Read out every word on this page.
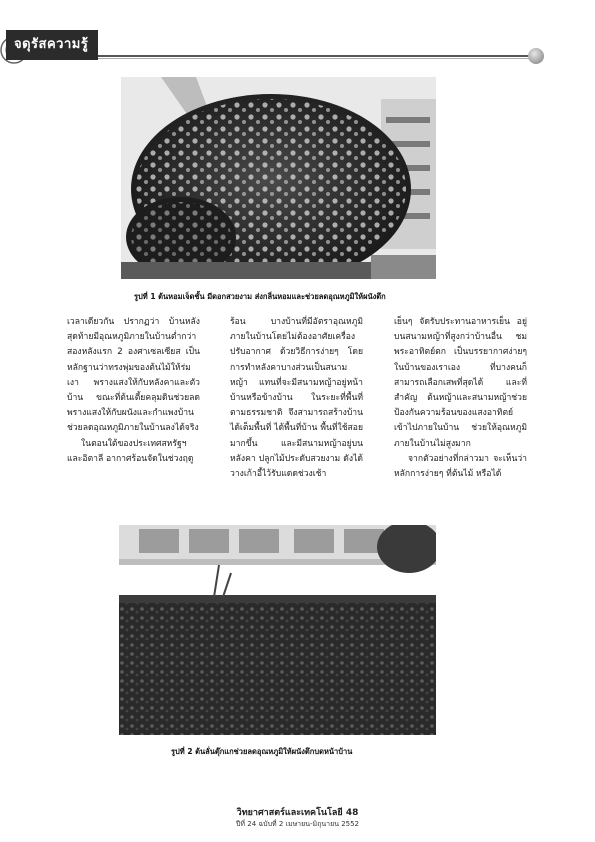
จดุรัสความรู้
รูปที่ 1 ต้นหอมเจ็ดชั้น มีดอกสวยงาม ส่งกลิ่นหอมและช่วยลดอุณหภูมิให้ผนังตึก

เวลาเดียวกัน ปรากฏว่า บ้านหลังสุดท้ายมีอุณหภูมิภายในบ้านต่ำกว่าสองหลังแรก 2 องศาเซลเซียส เป็นหลักฐานว่าทรงพุ่มของต้นไม้ให้ร่มเงา พรางแสงให้กับหลังคาและตัวบ้าน ขณะที่ต้นเตี้ยคลุมดินช่วยลดพรางแสงให้กับผนังและกำแพงบ้าน ช่วยลดอุณหภูมิภายในบ้านลงได้จริง

ในตอนใต้ของประเทศสหรัฐฯ และอิตาลี อากาศร้อนจัดในช่วงฤดู

ร้อน บางบ้านที่มีอัตราอุณหภูมิภายในบ้านโดยไม่ต้องอาศัยเครื่องปรับอากาศ ด้วยวิธีการง่ายๆ โดยการทำหลังคาบางส่วนเป็นสนามหญ้า แทนที่จะมีสนามหญ้าอยู่หน้าบ้านหรือข้างบ้าน ในระยะที่พื้นที่ตามธรรมชาติ จึงสามารถสร้างบ้านได้เต็มพื้นที่ ได้พื้นที่บ้าน พื้นที่ใช้สอยมากขึ้น และมีสนามหญ้าอยู่บนหลังคา ปลูกไม้ประดับสวยงาม ดังได้วางเก้าอี้ไว้รับแดดช่วงเช้า

เย็นๆ จัดรับประทานอาหารเย็น อยู่บนสนามหญ้าที่สูงกว่าบ้านอื่น ชมพระอาทิตย์ตก เป็นบรรยากาศง่ายๆ ในบ้านของเราเอง ที่บางคนก็สามารถเลือกเสพที่สุดได้ และที่สำคัญ ต้นหญ้าและสนามหญ้าช่วยป้องกันความร้อนของแสงอาทิตย์เข้าไปภายในบ้าน ช่วยให้อุณหภูมิภายในบ้านไม่สูงมาก

จากตัวอย่างที่กล่าวมา จะเห็นว่าหลักการง่ายๆ ที่ต้นไม้ หรือได้

รูปที่ 2 ต้นลั่นตุ๊กแกช่วยลดอุณหภูมิให้ผนังตึกบดหน้าบ้าน
วิทยาศาสตร์และเทคโนโลยี 48
ปีที่ 24 ฉบับที่ 2 เมษายน-มิถุนายน 2552
